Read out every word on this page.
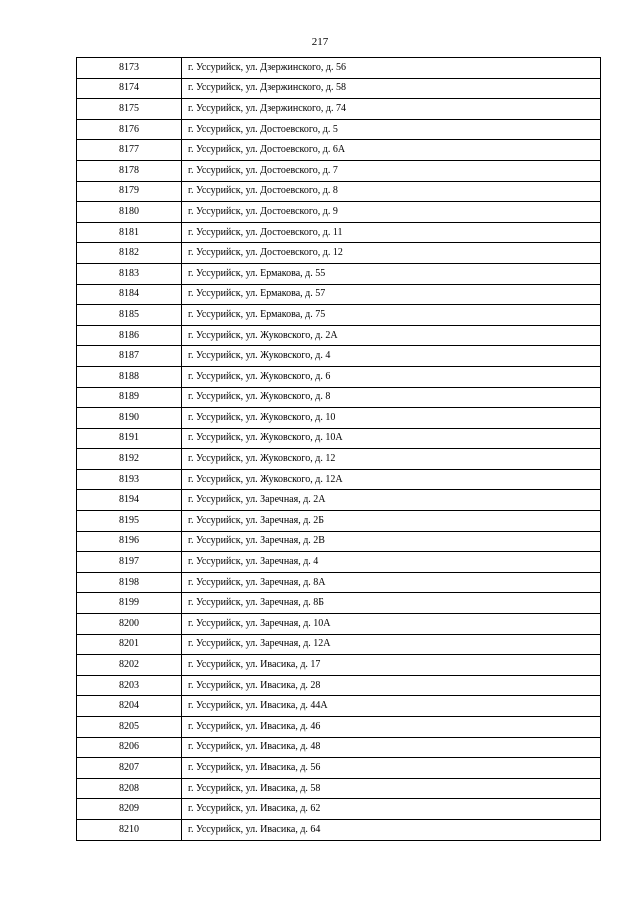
217
8173	г. Уссурийск, ул. Дзержинского, д. 56
8174	г. Уссурийск, ул. Дзержинского, д. 58
8175	г. Уссурийск, ул. Дзержинского, д. 74
8176	г. Уссурийск, ул. Достоевского, д. 5
8177	г. Уссурийск, ул. Достоевского, д. 6А
8178	г. Уссурийск, ул. Достоевского, д. 7
8179	г. Уссурийск, ул. Достоевского, д. 8
8180	г. Уссурийск, ул. Достоевского, д. 9
8181	г. Уссурийск, ул. Достоевского, д. 11
8182	г. Уссурийск, ул. Достоевского, д. 12
8183	г. Уссурийск, ул. Ермакова, д. 55
8184	г. Уссурийск, ул. Ермакова, д. 57
8185	г. Уссурийск, ул. Ермакова, д. 75
8186	г. Уссурийск, ул. Жуковского, д. 2А
8187	г. Уссурийск, ул. Жуковского, д. 4
8188	г. Уссурийск, ул. Жуковского, д. 6
8189	г. Уссурийск, ул. Жуковского, д. 8
8190	г. Уссурийск, ул. Жуковского, д. 10
8191	г. Уссурийск, ул. Жуковского, д. 10А
8192	г. Уссурийск, ул. Жуковского, д. 12
8193	г. Уссурийск, ул. Жуковского, д. 12А
8194	г. Уссурийск, ул. Заречная, д. 2А
8195	г. Уссурийск, ул. Заречная, д. 2Б
8196	г. Уссурийск, ул. Заречная, д. 2В
8197	г. Уссурийск, ул. Заречная, д. 4
8198	г. Уссурийск, ул. Заречная, д. 8А
8199	г. Уссурийск, ул. Заречная, д. 8Б
8200	г. Уссурийск, ул. Заречная, д. 10А
8201	г. Уссурийск, ул. Заречная, д. 12А
8202	г. Уссурийск, ул. Ивасика, д. 17
8203	г. Уссурийск, ул. Ивасика, д. 28
8204	г. Уссурийск, ул. Ивасика, д. 44А
8205	г. Уссурийск, ул. Ивасика, д. 46
8206	г. Уссурийск, ул. Ивасика, д. 48
8207	г. Уссурийск, ул. Ивасика, д. 56
8208	г. Уссурийск, ул. Ивасика, д. 58
8209	г. Уссурийск, ул. Ивасика, д. 62
8210	г. Уссурийск, ул. Ивасика, д. 64
